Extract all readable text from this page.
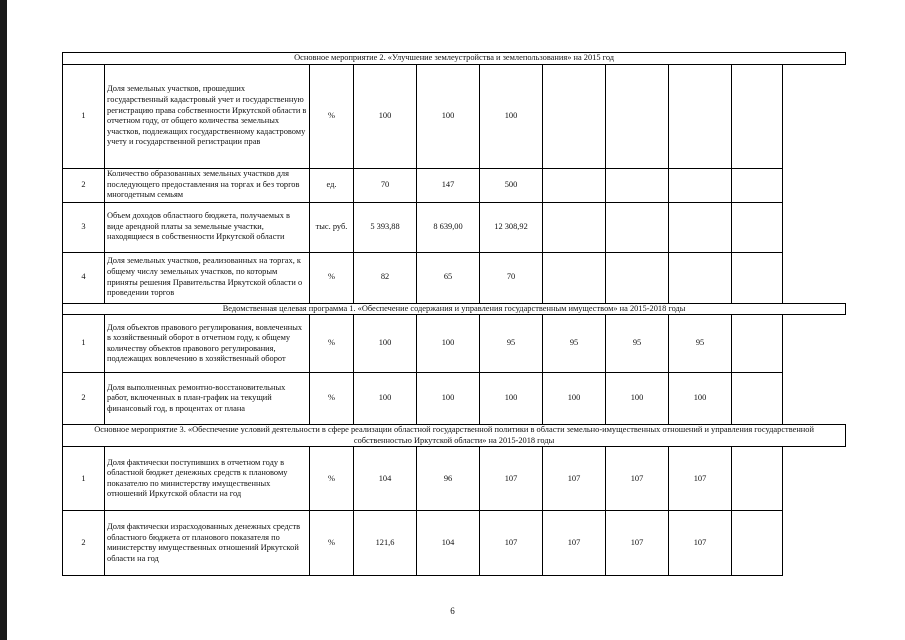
Основное мероприятие 2. «Улучшение землеустройства и землепользования» на 2015 год									
1	Доля земельных участков, прошедших государственный кадастровый учет и государственную регистрацию права собственности Иркутской области в отчетном году, от общего количества земельных участков, подлежащих государственному кадастровому учету и государственной регистрации прав	%	100	100	100				
2	Количество образованных земельных участков для последующего предоставления на торгах и без торгов многодетным семьям	ед.	70	147	500				
3	Объем доходов областного бюджета, получаемых в виде арендной платы за земельные участки, находящиеся в собственности Иркутской области	тыс. руб.	5 393,88	8 639,00	12 308,92				
4	Доля земельных участков, реализованных на торгах, к общему числу земельных участков, по которым приняты решения Правительства Иркутской области о проведении торгов	%	82	65	70				
Ведомственная целевая программа 1. «Обеспечение содержания и управления государственным имуществом» на 2015-2018 годы									
1	Доля объектов правового регулирования, вовлеченных в хозяйственный оборот в отчетном году, к общему количеству объектов правового регулирования, подлежащих вовлечению в хозяйственный оборот	%	100	100	95	95	95	95	
2	Доля выполненных ремонтно-восстановительных работ, включенных в план-график на текущий финансовый год, в процентах от плана	%	100	100	100	100	100	100	
Основное мероприятие 3. «Обеспечение условий деятельности в сфере реализации областной государственной политики в области земельно-имущественных отношений и управления государственной собственностью Иркутской области» на 2015-2018 годы									
1	Доля фактически поступивших в отчетном году в областной бюджет денежных средств к плановому показателю по министерству имущественных отношений Иркутской области на год	%	104	96	107	107	107	107	
2	Доля фактически израсходованных денежных средств областного бюджета от планового показателя по министерству имущественных отношений Иркутской области на год	%	121,6	104	107	107	107	107	
6
